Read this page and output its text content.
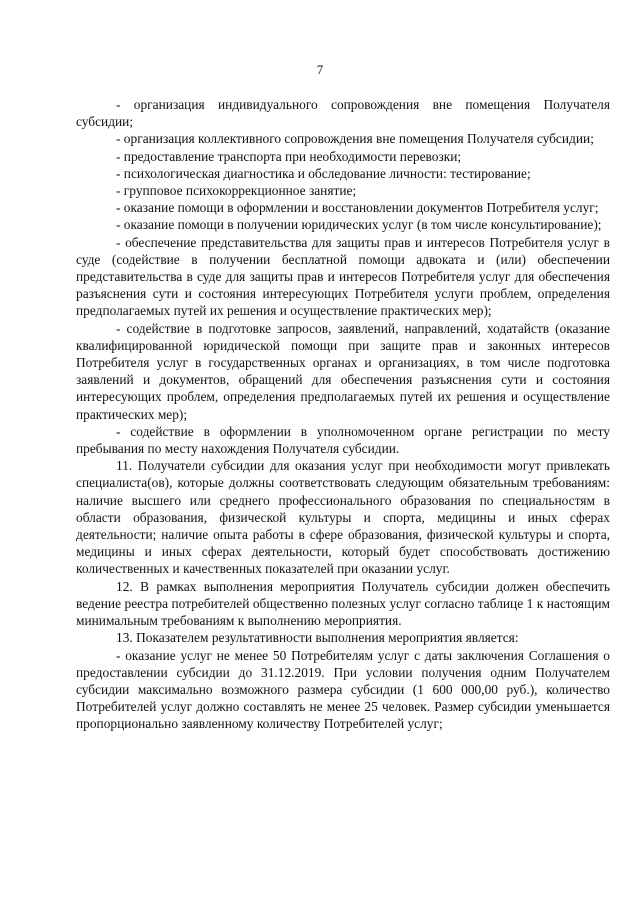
7

- организация индивидуального сопровождения вне помещения Получателя субсидии;

- организация коллективного сопровождения вне помещения Получателя субсидии;

- предоставление транспорта при необходимости перевозки;

- психологическая диагностика и обследование личности: тестирование;

- групповое психокоррекционное занятие;

- оказание помощи в оформлении и восстановлении документов Потребителя услуг;

- оказание помощи в получении юридических услуг (в том числе консультирование);

- обеспечение представительства для защиты прав и интересов Потребителя услуг в суде (содействие в получении бесплатной помощи адвоката и (или) обеспечении представительства в суде для защиты прав и интересов Потребителя услуг для обеспечения разъяснения сути и состояния интересующих Потребителя услуги проблем, определения предполагаемых путей их решения и осуществление практических мер);

- содействие в подготовке запросов, заявлений, направлений, ходатайств (оказание квалифицированной юридической помощи при защите прав и законных интересов Потребителя услуг в государственных органах и организациях, в том числе подготовка заявлений и документов, обращений для обеспечения разъяснения сути и состояния интересующих проблем, определения предполагаемых путей их решения и осуществление практических мер);

- содействие в оформлении в уполномоченном органе регистрации по месту пребывания по месту нахождения Получателя субсидии.

11. Получатели субсидии для оказания услуг при необходимости могут привлекать специалиста(ов), которые должны соответствовать следующим обязательным требованиям: наличие высшего или среднего профессионального образования по специальностям в области образования, физической культуры и спорта, медицины и иных сферах деятельности; наличие опыта работы в сфере образования, физической культуры и спорта, медицины и иных сферах деятельности, который будет способствовать достижению количественных и качественных показателей при оказании услуг.

12. В рамках выполнения мероприятия Получатель субсидии должен обеспечить ведение реестра потребителей общественно полезных услуг согласно таблице 1 к настоящим минимальным требованиям к выполнению мероприятия.

13. Показателем результативности выполнения мероприятия является:

- оказание услуг не менее 50 Потребителям услуг с даты заключения Соглашения о предоставлении субсидии до 31.12.2019. При условии получения одним Получателем субсидии максимально возможного размера субсидии (1 600 000,00 руб.), количество Потребителей услуг должно составлять не менее 25 человек. Размер субсидии уменьшается пропорционально заявленному количеству Потребителей услуг;
